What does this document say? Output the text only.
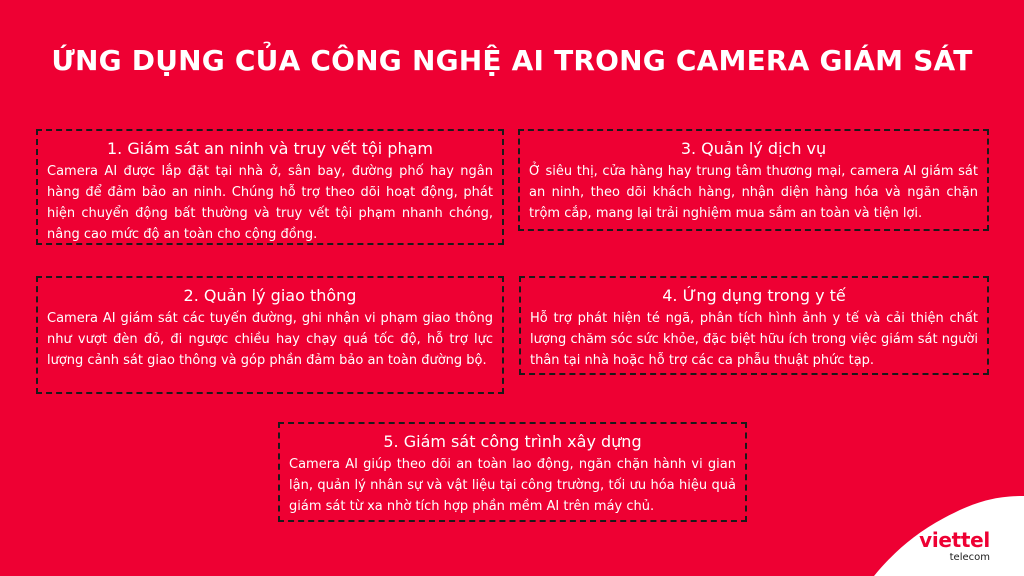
ỨNG DỤNG CỦA CÔNG NGHỆ AI TRONG CAMERA GIÁM SÁT
1. Giám sát an ninh và truy vết tội phạm

Camera AI được lắp đặt tại nhà ở, sân bay, đường phố hay ngân hàng để đảm bảo an ninh. Chúng hỗ trợ theo dõi hoạt động, phát hiện chuyển động bất thường và truy vết tội phạm nhanh chóng, nâng cao mức độ an toàn cho cộng đồng.

3. Quản lý dịch vụ

Ở siêu thị, cửa hàng hay trung tâm thương mại, camera AI giám sát an ninh, theo dõi khách hàng, nhận diện hàng hóa và ngăn chặn trộm cắp, mang lại trải nghiệm mua sắm an toàn và tiện lợi.

2. Quản lý giao thông

Camera AI giám sát các tuyến đường, ghi nhận vi phạm giao thông như vượt đèn đỏ, đi ngược chiều hay chạy quá tốc độ, hỗ trợ lực lượng cảnh sát giao thông và góp phần đảm bảo an toàn đường bộ.

4. Ứng dụng trong y tế

Hỗ trợ phát hiện té ngã, phân tích hình ảnh y tế và cải thiện chất lượng chăm sóc sức khỏe, đặc biệt hữu ích trong việc giám sát người thân tại nhà hoặc hỗ trợ các ca phẫu thuật phức tạp.

5. Giám sát công trình xây dựng

Camera AI giúp theo dõi an toàn lao động, ngăn chặn hành vi gian lận, quản lý nhân sự và vật liệu tại công trường, tối ưu hóa hiệu quả giám sát từ xa nhờ tích hợp phần mềm AI trên máy chủ.

viettel
telecom
